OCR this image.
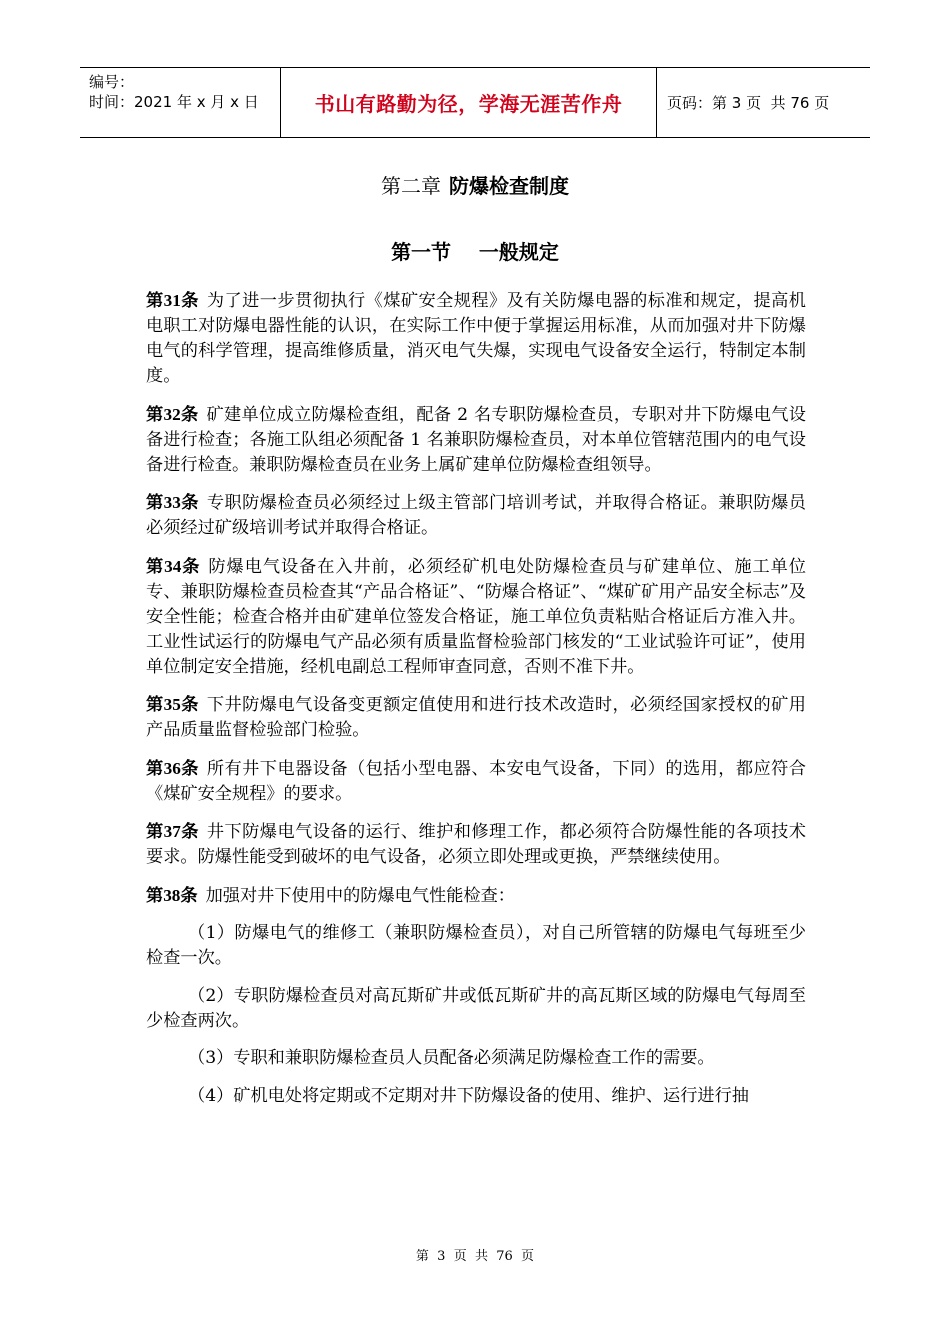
编号：
时间：2021 年 x 月 x 日	书山有路勤为径，学海无涯苦作舟	页码：第 3 页  共 76 页
第二章 防爆检查制度
第一节    一般规定

第31条 为了进一步贯彻执行《煤矿安全规程》及有关防爆电器的标准和规定，提高机电职工对防爆电器性能的认识，在实际工作中便于掌握运用标准，从而加强对井下防爆电气的科学管理，提高维修质量，消灭电气失爆，实现电气设备安全运行，特制定本制度。

第32条 矿建单位成立防爆检查组，配备 2 名专职防爆检查员，专职对井下防爆电气设备进行检查；各施工队组必须配备 1 名兼职防爆检查员，对本单位管辖范围内的电气设备进行检查。兼职防爆检查员在业务上属矿建单位防爆检查组领导。

第33条 专职防爆检查员必须经过上级主管部门培训考试，并取得合格证。兼职防爆员必须经过矿级培训考试并取得合格证。

第34条 防爆电气设备在入井前，必须经矿机电处防爆检查员与矿建单位、施工单位专、兼职防爆检查员检查其“产品合格证”、“防爆合格证”、“煤矿矿用产品安全标志”及安全性能；检查合格并由矿建单位签发合格证，施工单位负责粘贴合格证后方准入井。工业性试运行的防爆电气产品必须有质量监督检验部门核发的“工业试验许可证”，使用单位制定安全措施，经机电副总工程师审查同意，否则不准下井。

第35条 下井防爆电气设备变更额定值使用和进行技术改造时，必须经国家授权的矿用产品质量监督检验部门检验。

第36条 所有井下电器设备（包括小型电器、本安电气设备，下同）的选用，都应符合《煤矿安全规程》的要求。

第37条 井下防爆电气设备的运行、维护和修理工作，都必须符合防爆性能的各项技术要求。防爆性能受到破坏的电气设备，必须立即处理或更换，严禁继续使用。

第38条 加强对井下使用中的防爆电气性能检查：

（1）防爆电气的维修工（兼职防爆检查员），对自己所管辖的防爆电气每班至少检查一次。

（2）专职防爆检查员对高瓦斯矿井或低瓦斯矿井的高瓦斯区域的防爆电气每周至少检查两次。

（3）专职和兼职防爆检查员人员配备必须满足防爆检查工作的需要。

（4）矿机电处将定期或不定期对井下防爆设备的使用、维护、运行进行抽

第  3  页  共  76  页
